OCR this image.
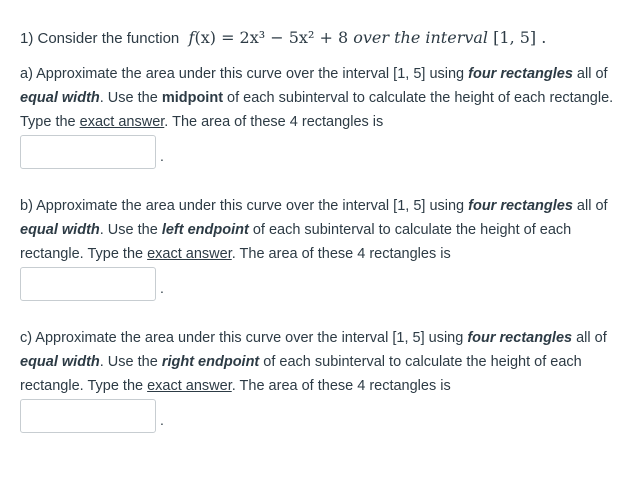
1) Consider the function f(x) = 2x³ − 5x² + 8 over the interval [1, 5] .
a) Approximate the area under this curve over the interval [1, 5] using four rectangles all of equal width. Use the midpoint of each subinterval to calculate the height of each rectangle. Type the exact answer. The area of these 4 rectangles is
.
b) Approximate the area under this curve over the interval [1, 5] using four rectangles all of equal width. Use the left endpoint of each subinterval to calculate the height of each rectangle. Type the exact answer. The area of these 4 rectangles is
.
c) Approximate the area under this curve over the interval [1, 5] using four rectangles all of equal width. Use the right endpoint of each subinterval to calculate the height of each rectangle. Type the exact answer. The area of these 4 rectangles is
.
